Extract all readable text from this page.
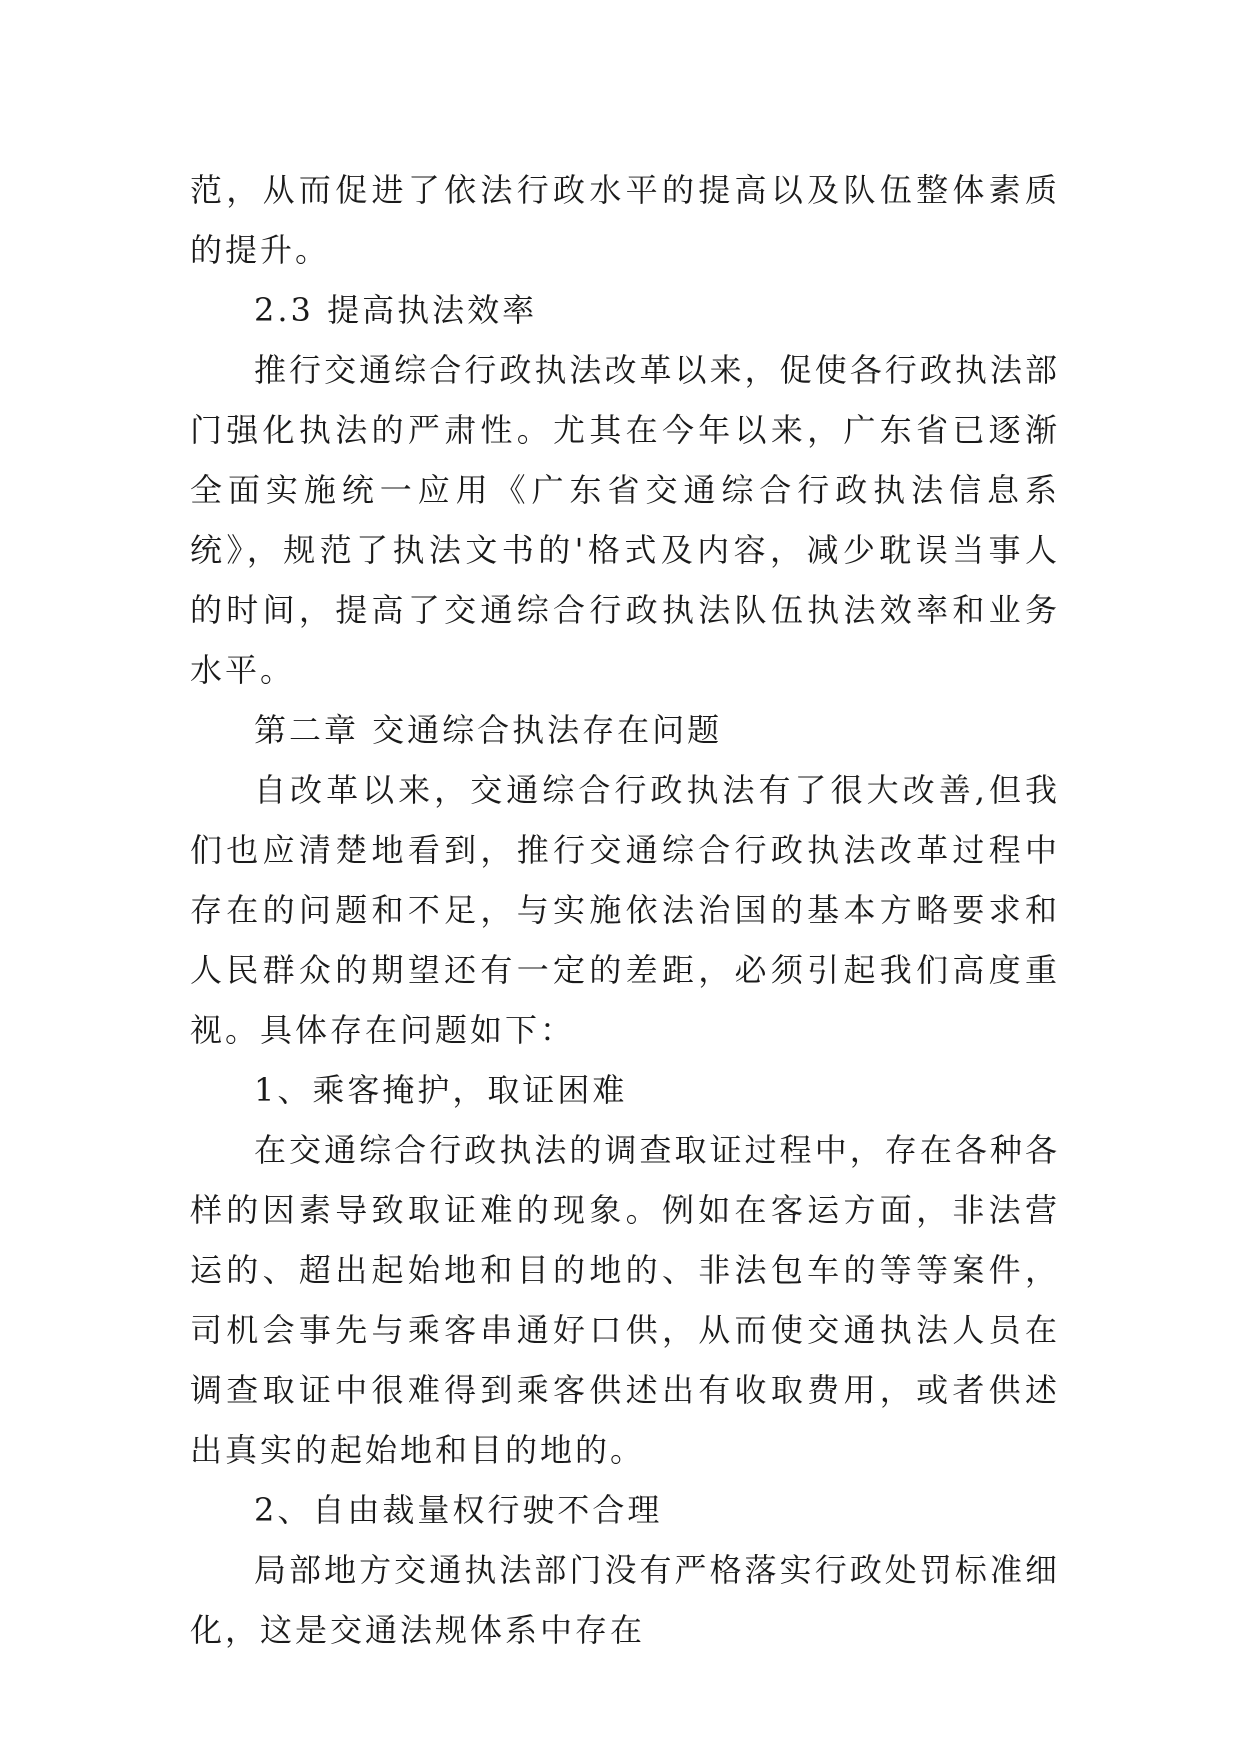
范，从而促进了依法行政水平的提高以及队伍整体素质的提升。

2.3 提高执法效率

推行交通综合行政执法改革以来，促使各行政执法部门强化执法的严肃性。尤其在今年以来，广东省已逐渐全面实施统一应用《广东省交通综合行政执法信息系统》，规范了执法文书的'格式及内容，减少耽误当事人的时间，提高了交通综合行政执法队伍执法效率和业务水平。

第二章 交通综合执法存在问题

自改革以来，交通综合行政执法有了很大改善,但我们也应清楚地看到，推行交通综合行政执法改革过程中存在的问题和不足，与实施依法治国的基本方略要求和人民群众的期望还有一定的差距，必须引起我们高度重视。具体存在问题如下：

1、乘客掩护，取证困难

在交通综合行政执法的调查取证过程中，存在各种各样的因素导致取证难的现象。例如在客运方面，非法营运的、超出起始地和目的地的、非法包车的等等案件，司机会事先与乘客串通好口供，从而使交通执法人员在调查取证中很难得到乘客供述出有收取费用，或者供述出真实的起始地和目的地的。

2、自由裁量权行驶不合理

局部地方交通执法部门没有严格落实行政处罚标准细化，这是交通法规体系中存在
